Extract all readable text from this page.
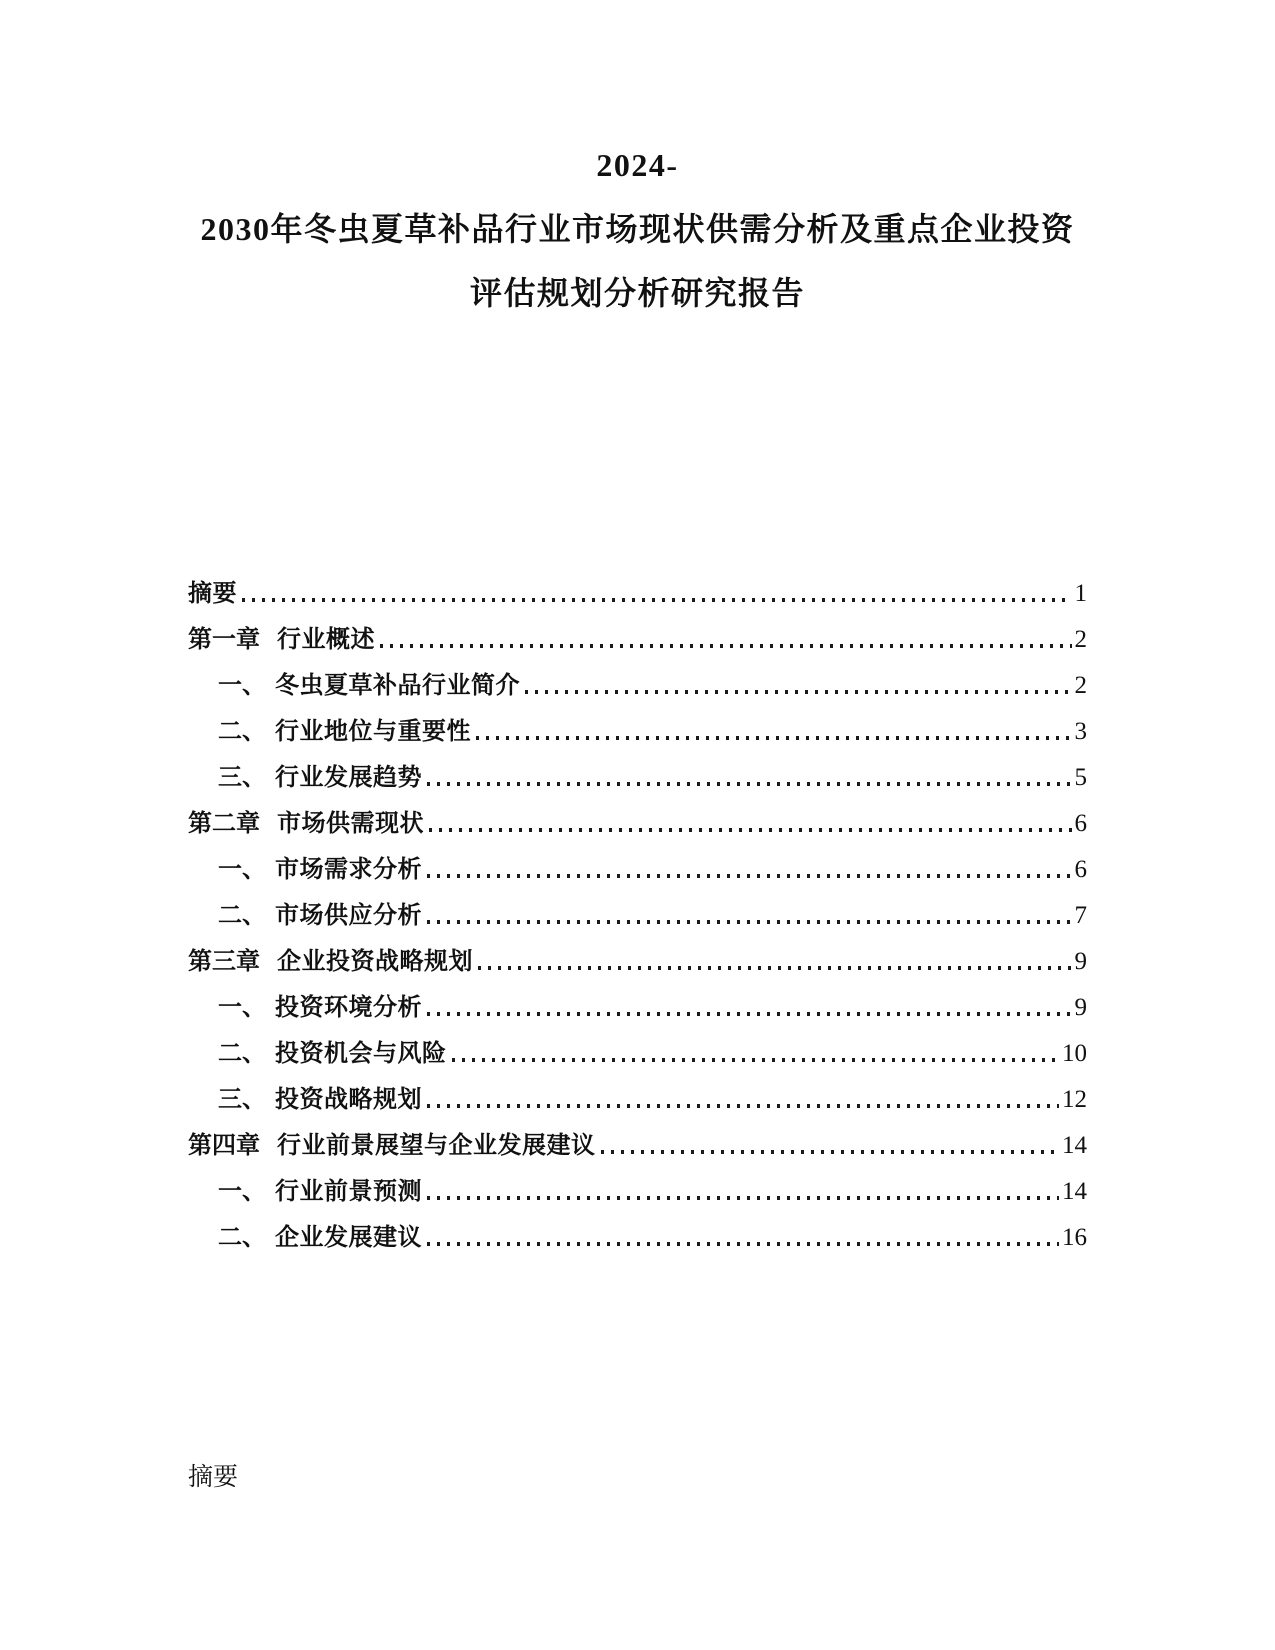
2024-
2030年冬虫夏草补品行业市场现状供需分析及重点企业投资
评估规划分析研究报告
摘要	1
第一章 行业概述	2
一、 冬虫夏草补品行业简介	2
二、 行业地位与重要性	3
三、 行业发展趋势	5
第二章 市场供需现状	6
一、 市场需求分析	6
二、 市场供应分析	7
第三章 企业投资战略规划	9
一、 投资环境分析	9
二、 投资机会与风险	10
三、 投资战略规划	12
第四章 行业前景展望与企业发展建议	14
一、 行业前景预测	14
二、 企业发展建议	16
摘要
